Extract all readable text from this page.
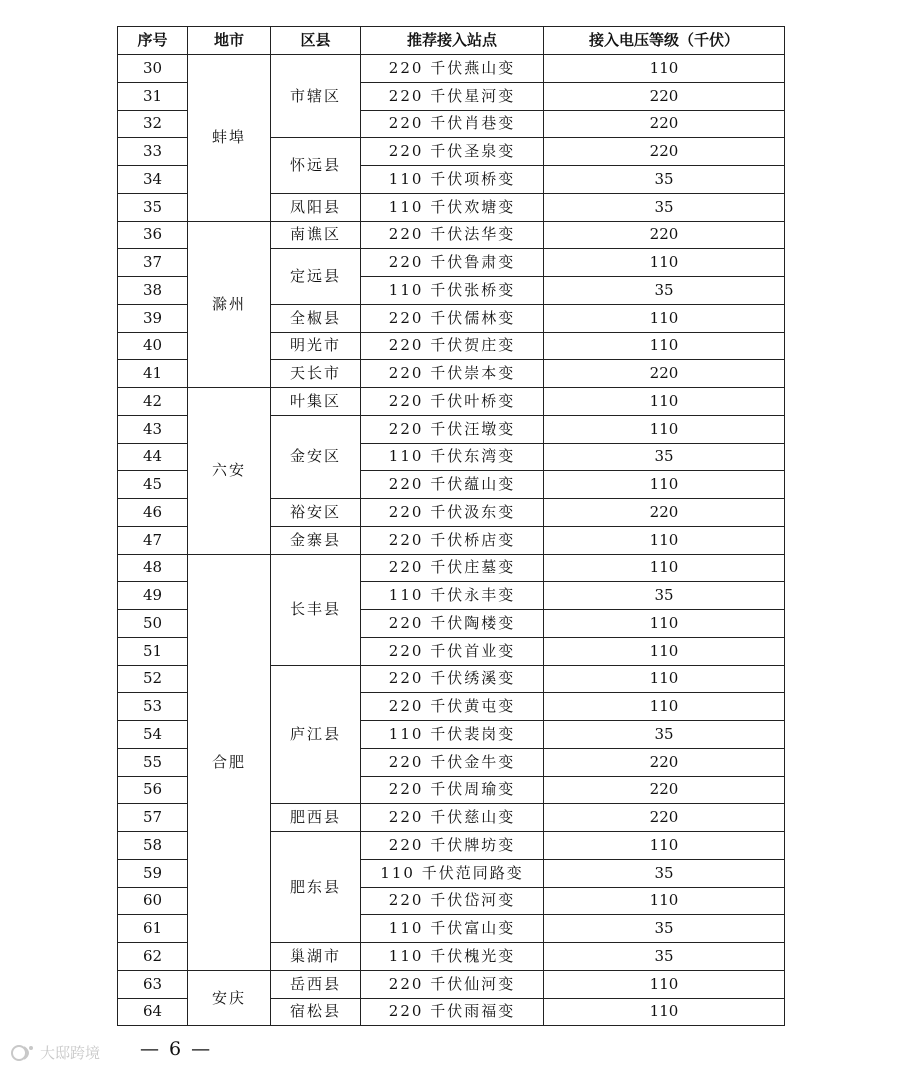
序号	地市	区县	推荐接入站点	接入电压等级（千伏）
30	蚌埠	市辖区	220 千伏燕山变	110
31			220 千伏星河变	220
32			220 千伏肖巷变	220
33		怀远县	220 千伏圣泉变	220
34			110 千伏项桥变	35
35		凤阳县	110 千伏欢塘变	35
36	滁州	南谯区	220 千伏法华变	220
37		定远县	220 千伏鲁肃变	110
38			110 千伏张桥变	35
39		全椒县	220 千伏儒林变	110
40		明光市	220 千伏贺庄变	110
41		天长市	220 千伏崇本变	220
42	六安	叶集区	220 千伏叶桥变	110
43		金安区	220 千伏汪墩变	110
44			110 千伏东湾变	35
45			220 千伏蕴山变	110
46		裕安区	220 千伏汲东变	220
47		金寨县	220 千伏桥店变	110
48	合肥	长丰县	220 千伏庄墓变	110
49			110 千伏永丰变	35
50			220 千伏陶楼变	110
51			220 千伏首业变	110
52		庐江县	220 千伏绣溪变	110
53			220 千伏黄屯变	110
54			110 千伏裴岗变	35
55			220 千伏金牛变	220
56			220 千伏周瑜变	220
57		肥西县	220 千伏慈山变	220
58		肥东县	220 千伏牌坊变	110
59			110 千伏范同路变	35
60			220 千伏岱河变	110
61			110 千伏富山变	35
62		巢湖市	110 千伏槐光变	35
63	安庆	岳西县	220 千伏仙河变	110
64		宿松县	220 千伏雨福变	110
— 6 —
大邸跨境
